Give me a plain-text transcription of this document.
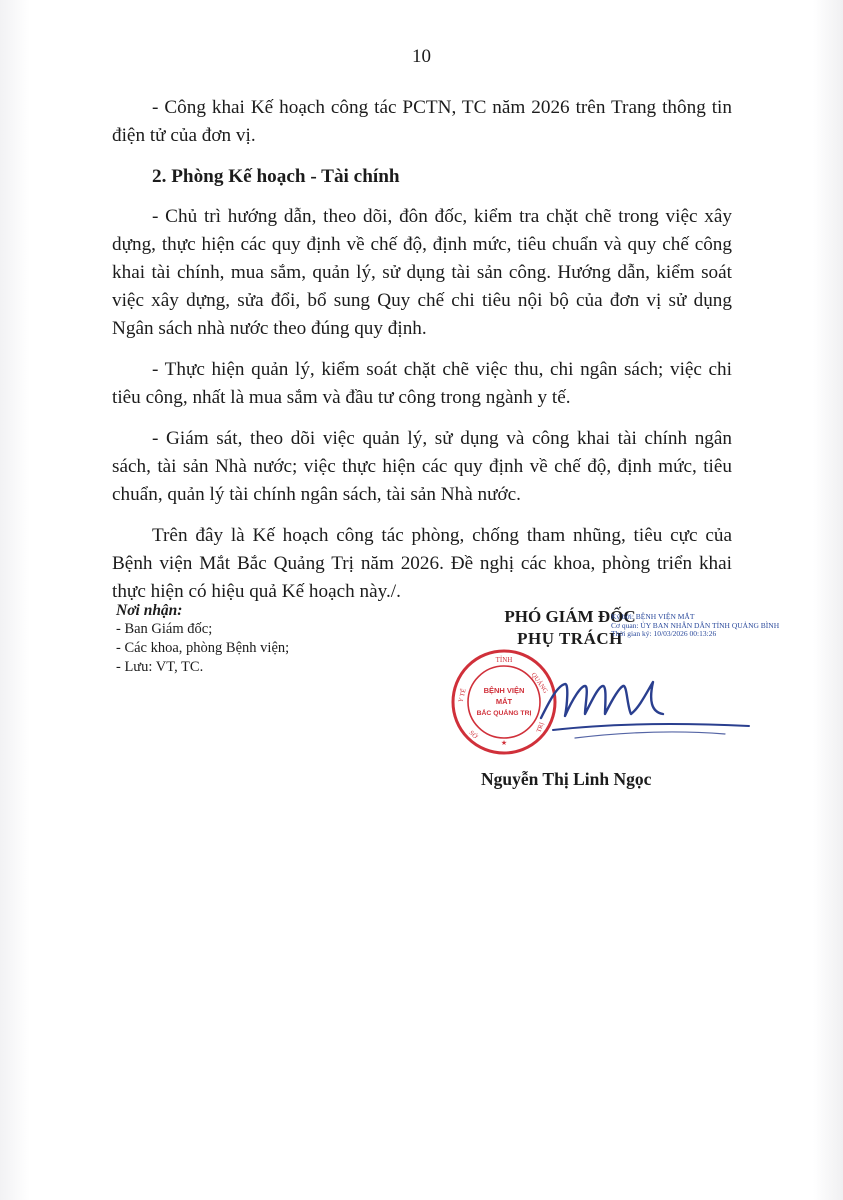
10

- Công khai Kế hoạch công tác PCTN, TC năm 2026 trên Trang thông tin điện tử của đơn vị.

2. Phòng Kế hoạch - Tài chính

- Chủ trì hướng dẫn, theo dõi, đôn đốc, kiểm tra chặt chẽ trong việc xây dựng, thực hiện các quy định về chế độ, định mức, tiêu chuẩn và quy chế công khai tài chính, mua sắm, quản lý, sử dụng tài sản công. Hướng dẫn, kiểm soát việc xây dựng, sửa đổi, bổ sung Quy chế chi tiêu nội bộ của đơn vị sử dụng Ngân sách nhà nước theo đúng quy định.

- Thực hiện quản lý, kiểm soát chặt chẽ việc thu, chi ngân sách; việc chi tiêu công, nhất là mua sắm và đầu tư công trong ngành y tế.

- Giám sát, theo dõi việc quản lý, sử dụng và công khai tài chính ngân sách, tài sản Nhà nước; việc thực hiện các quy định về chế độ, định mức, tiêu chuẩn, quản lý tài chính ngân sách, tài sản Nhà nước.

Trên đây là Kế hoạch công tác phòng, chống tham nhũng, tiêu cực của Bệnh viện Mắt Bắc Quảng Trị năm 2026. Đề nghị các khoa, phòng triển khai thực hiện có hiệu quả Kế hoạch này./.

Nơi nhận:
- Ban Giám đốc;
- Các khoa, phòng Bệnh viện;
- Lưu: VT, TC.
PHÓ GIÁM ĐỐC
PHỤ TRÁCH
Ký bởi: BỆNH VIỆN MẮT
Cơ quan: ỦY BAN NHÂN DÂN TỈNH QUẢNG BÌNH
Thời gian ký: 10/03/2026 00:13:26
TỈNH
QUẢNG
TRỊ
Y TẾ
SỞ
★
BỆNH VIỆN
MẮT
BẮC QUẢNG TRỊ
Nguyễn Thị Linh Ngọc
